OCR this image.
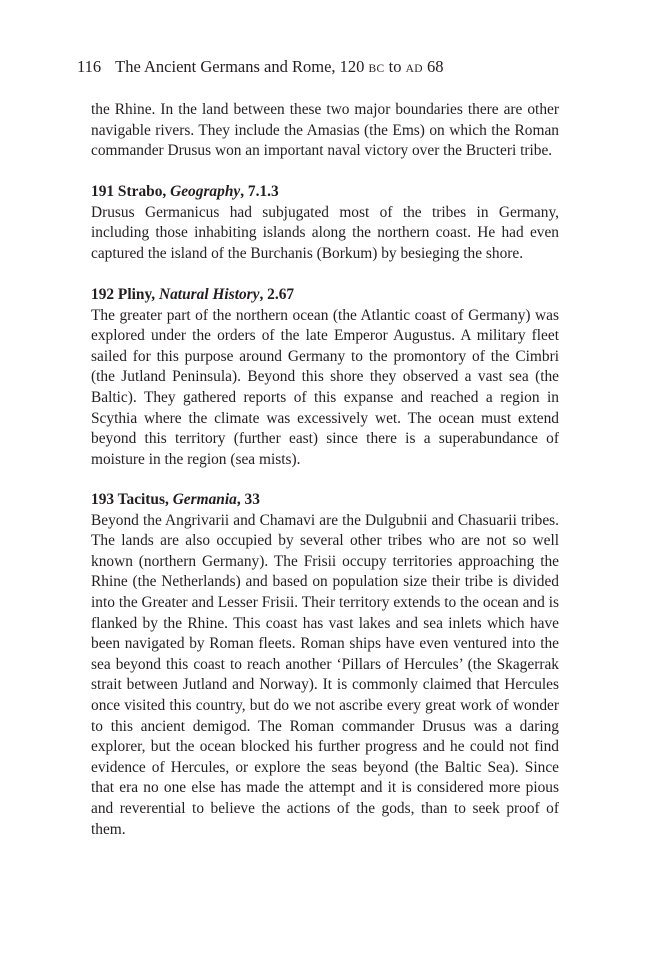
116 The Ancient Germans and Rome, 120 BC to AD 68

the Rhine. In the land between these two major boundaries there are other navigable rivers. They include the Amasias (the Ems) on which the Roman commander Drusus won an important naval victory over the Bructeri tribe.

191 Strabo, Geography, 7.1.3

Drusus Germanicus had subjugated most of the tribes in Germany, including those inhabiting islands along the northern coast. He had even captured the island of the Burchanis (Borkum) by besieging the shore.

192 Pliny, Natural History, 2.67

The greater part of the northern ocean (the Atlantic coast of Germany) was explored under the orders of the late Emperor Augustus. A military fleet sailed for this purpose around Germany to the promontory of the Cimbri (the Jutland Peninsula). Beyond this shore they observed a vast sea (the Baltic). They gathered reports of this expanse and reached a region in Scythia where the climate was excessively wet. The ocean must extend beyond this territory (further east) since there is a superabundance of moisture in the region (sea mists).

193 Tacitus, Germania, 33

Beyond the Angrivarii and Chamavi are the Dulgubnii and Chasuarii tribes. The lands are also occupied by several other tribes who are not so well known (northern Germany). The Frisii occupy territories approaching the Rhine (the Netherlands) and based on population size their tribe is divided into the Greater and Lesser Frisii. Their territory extends to the ocean and is flanked by the Rhine. This coast has vast lakes and sea inlets which have been navigated by Roman fleets. Roman ships have even ventured into the sea beyond this coast to reach another ‘Pillars of Hercules’ (the Skagerrak strait between Jutland and Norway). It is commonly claimed that Hercules once visited this country, but do we not ascribe every great work of wonder to this ancient demigod. The Roman commander Drusus was a daring explorer, but the ocean blocked his further progress and he could not find evidence of Hercules, or explore the seas beyond (the Baltic Sea). Since that era no one else has made the attempt and it is considered more pious and reverential to believe the actions of the gods, than to seek proof of them.
